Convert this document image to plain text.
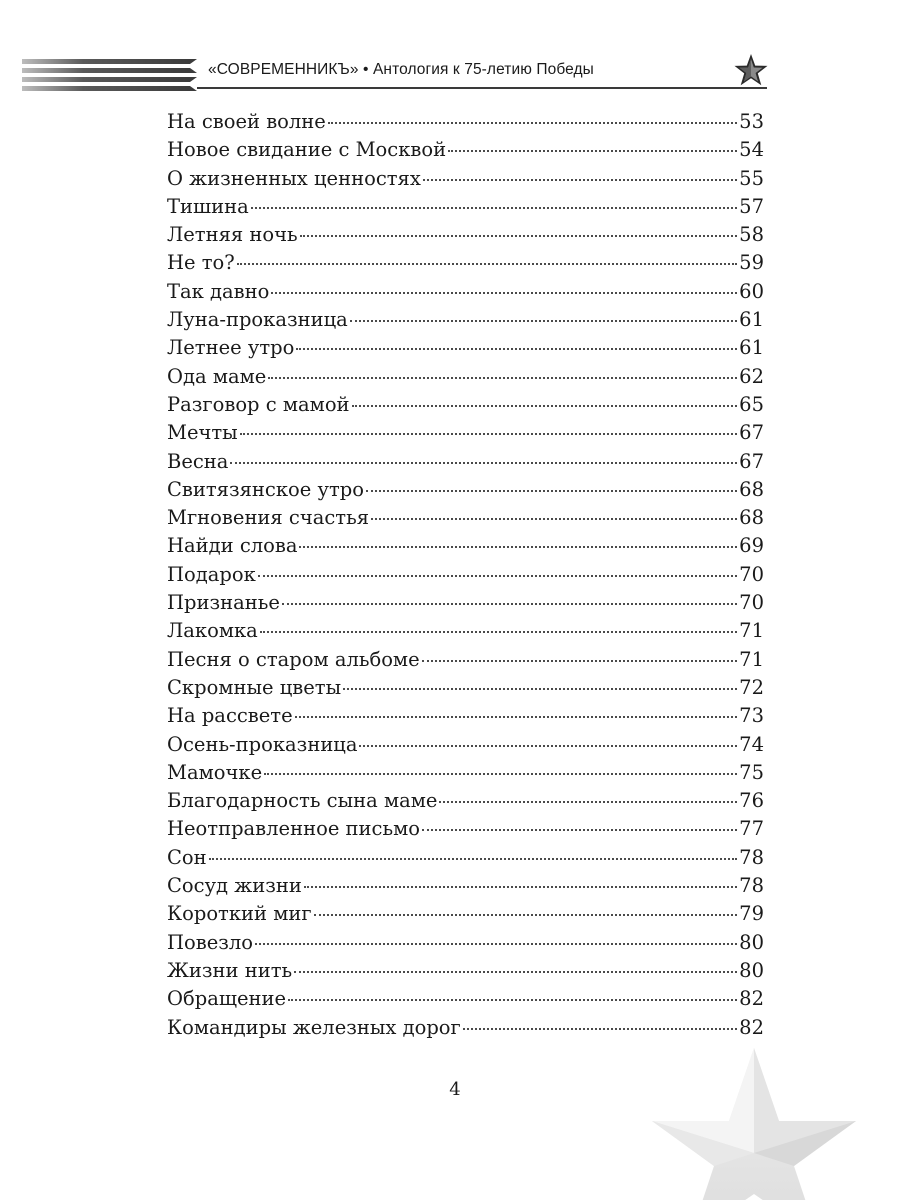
«СОВРЕМЕННИКЪ» • Антология к 75-летию Победы
На своей волне	53
Новое свидание с Москвой	54
О жизненных ценностях	55
Тишина	57
Летняя ночь	58
Не то?	59
Так давно	60
Луна-проказница	61
Летнее утро	61
Ода маме	62
Разговор с мамой	65
Мечты	67
Весна	67
Свитязянское утро	68
Мгновения счастья	68
Найди слова	69
Подарок	70
Признанье	70
Лакомка	71
Песня о старом альбоме	71
Скромные цветы	72
На рассвете	73
Осень-проказница	74
Мамочке	75
Благодарность сына маме	76
Неотправленное письмо	77
Сон	78
Сосуд жизни	78
Короткий миг	79
Повезло	80
Жизни нить	80
Обращение	82
Командиры железных дорог	82
4
